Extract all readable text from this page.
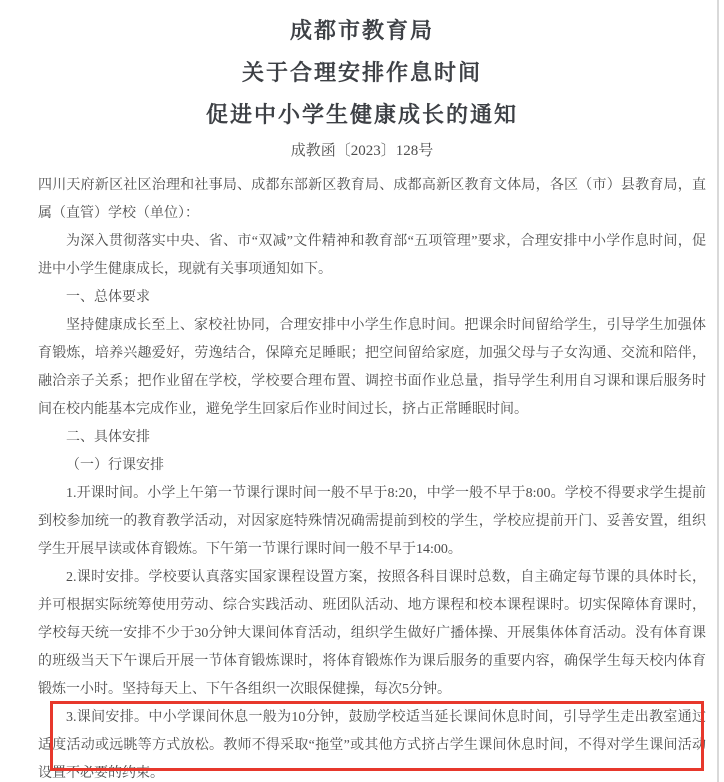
成都市教育局
关于合理安排作息时间
促进中小学生健康成长的通知
成教函〔2023〕128号

四川天府新区社区治理和社事局、成都东部新区教育局、成都高新区教育文体局，各区（市）县教育局，直属（直管）学校（单位）：

为深入贯彻落实中央、省、市“双减”文件精神和教育部“五项管理”要求，合理安排中小学作息时间，促进中小学生健康成长，现就有关事项通知如下。

一、总体要求

坚持健康成长至上、家校社协同，合理安排中小学生作息时间。把课余时间留给学生，引导学生加强体育锻炼，培养兴趣爱好，劳逸结合，保障充足睡眠；把空间留给家庭，加强父母与子女沟通、交流和陪伴，融洽亲子关系；把作业留在学校，学校要合理布置、调控书面作业总量，指导学生利用自习课和课后服务时间在校内能基本完成作业，避免学生回家后作业时间过长，挤占正常睡眠时间。

二、具体安排

（一）行课安排

1.开课时间。小学上午第一节课行课时间一般不早于8:20，中学一般不早于8:00。学校不得要求学生提前到校参加统一的教育教学活动，对因家庭特殊情况确需提前到校的学生，学校应提前开门、妥善安置，组织学生开展早读或体育锻炼。下午第一节课行课时间一般不早于14:00。

2.课时安排。学校要认真落实国家课程设置方案，按照各科目课时总数，自主确定每节课的具体时长，并可根据实际统筹使用劳动、综合实践活动、班团队活动、地方课程和校本课程课时。切实保障体育课时，学校每天统一安排不少于30分钟大课间体育活动，组织学生做好广播体操、开展集体体育活动。没有体育课的班级当天下午课后开展一节体育锻炼课时，将体育锻炼作为课后服务的重要内容，确保学生每天校内体育锻炼一小时。坚持每天上、下午各组织一次眼保健操，每次5分钟。

3.课间安排。中小学课间休息一般为10分钟，鼓励学校适当延长课间休息时间，引导学生走出教室通过适度活动或远眺等方式放松。教师不得采取“拖堂”或其他方式挤占学生课间休息时间，不得对学生课间活动设置不必要的约束。
